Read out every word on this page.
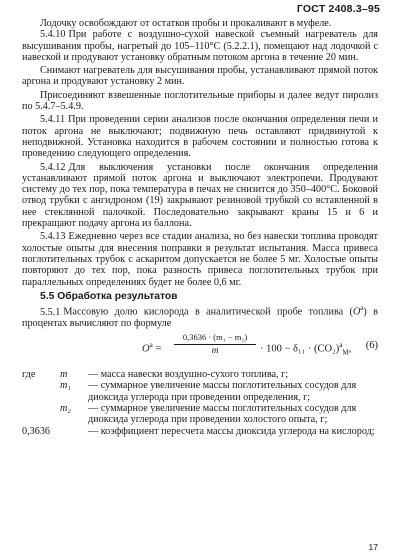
ГОСТ 2408.3–95

Лодочку освобождают от остатков пробы и прокаливают в муфеле.

5.4.10 При работе с воздушно-сухой навеской съемный нагреватель для высушивания пробы, нагретый до 105–110°С (5.2.2.1), помещают над лодочкой с навеской и продувают установку обратным потоком аргона в течение 20 мин.

Снимают нагреватель для высушивания пробы, устанавливают прямой поток аргона и продувают установку 2 мин.

Присоединяют взвешенные поглотительные приборы и далее ведут пиролиз по 5.4.7–5.4.9.

5.4.11 При проведении серии анализов после окончания определения печи и поток аргона не выключают; подвижную печь оставляют придвинутой к неподвижной. Установка находится в рабочем состоянии и полностью готова к проведению следующего определения.

5.4.12 Для выключения установки после окончания определения устанавливают прямой поток аргона и выключают электропечи. Продувают систему до тех пор, пока температура в печах не снизится до 350–400°С. Боковой отвод трубки с ангидроном (19) закрывают резиновой трубкой со вставленной в нее стеклянной палочкой. Последовательно закрывают краны 15 и 6 и прекращают подачу аргона из баллона.

5.4.13 Ежедневно через все стадии анализа, но без навески топлива проводят холостые опыты для внесения поправки в результат испытания. Масса привеса поглотительных трубок с аскаритом допускается не более 5 мг. Холостые опыты повторяют до тех пор, пока разность привеса поглотительных трубок при параллельных определениях будет не более 0,6 мг.

5.5 Обработка результатов

5.5.1 Массовую долю кислорода в аналитической пробе топлива $(O^a)$ в процентах вычисляют по формуле

$O^a = \frac{\text{0,3636 · (m₁ − m₂)}}{m} \cdot 100 - \delta_{11} \cdot (CO_2)^a_M$, (6)
где m — масса навески воздушно-сухого топлива, г;
m₁ — суммарное увеличение массы поглотительных сосудов для диоксида углерода при проведении определения, г;
m₂ — суммарное увеличение массы поглотительных сосудов для диоксида углерода при проведении холостого опыта, г;
0,3636	— коэффициент пересчета массы диоксида углерода на кислород;
17
